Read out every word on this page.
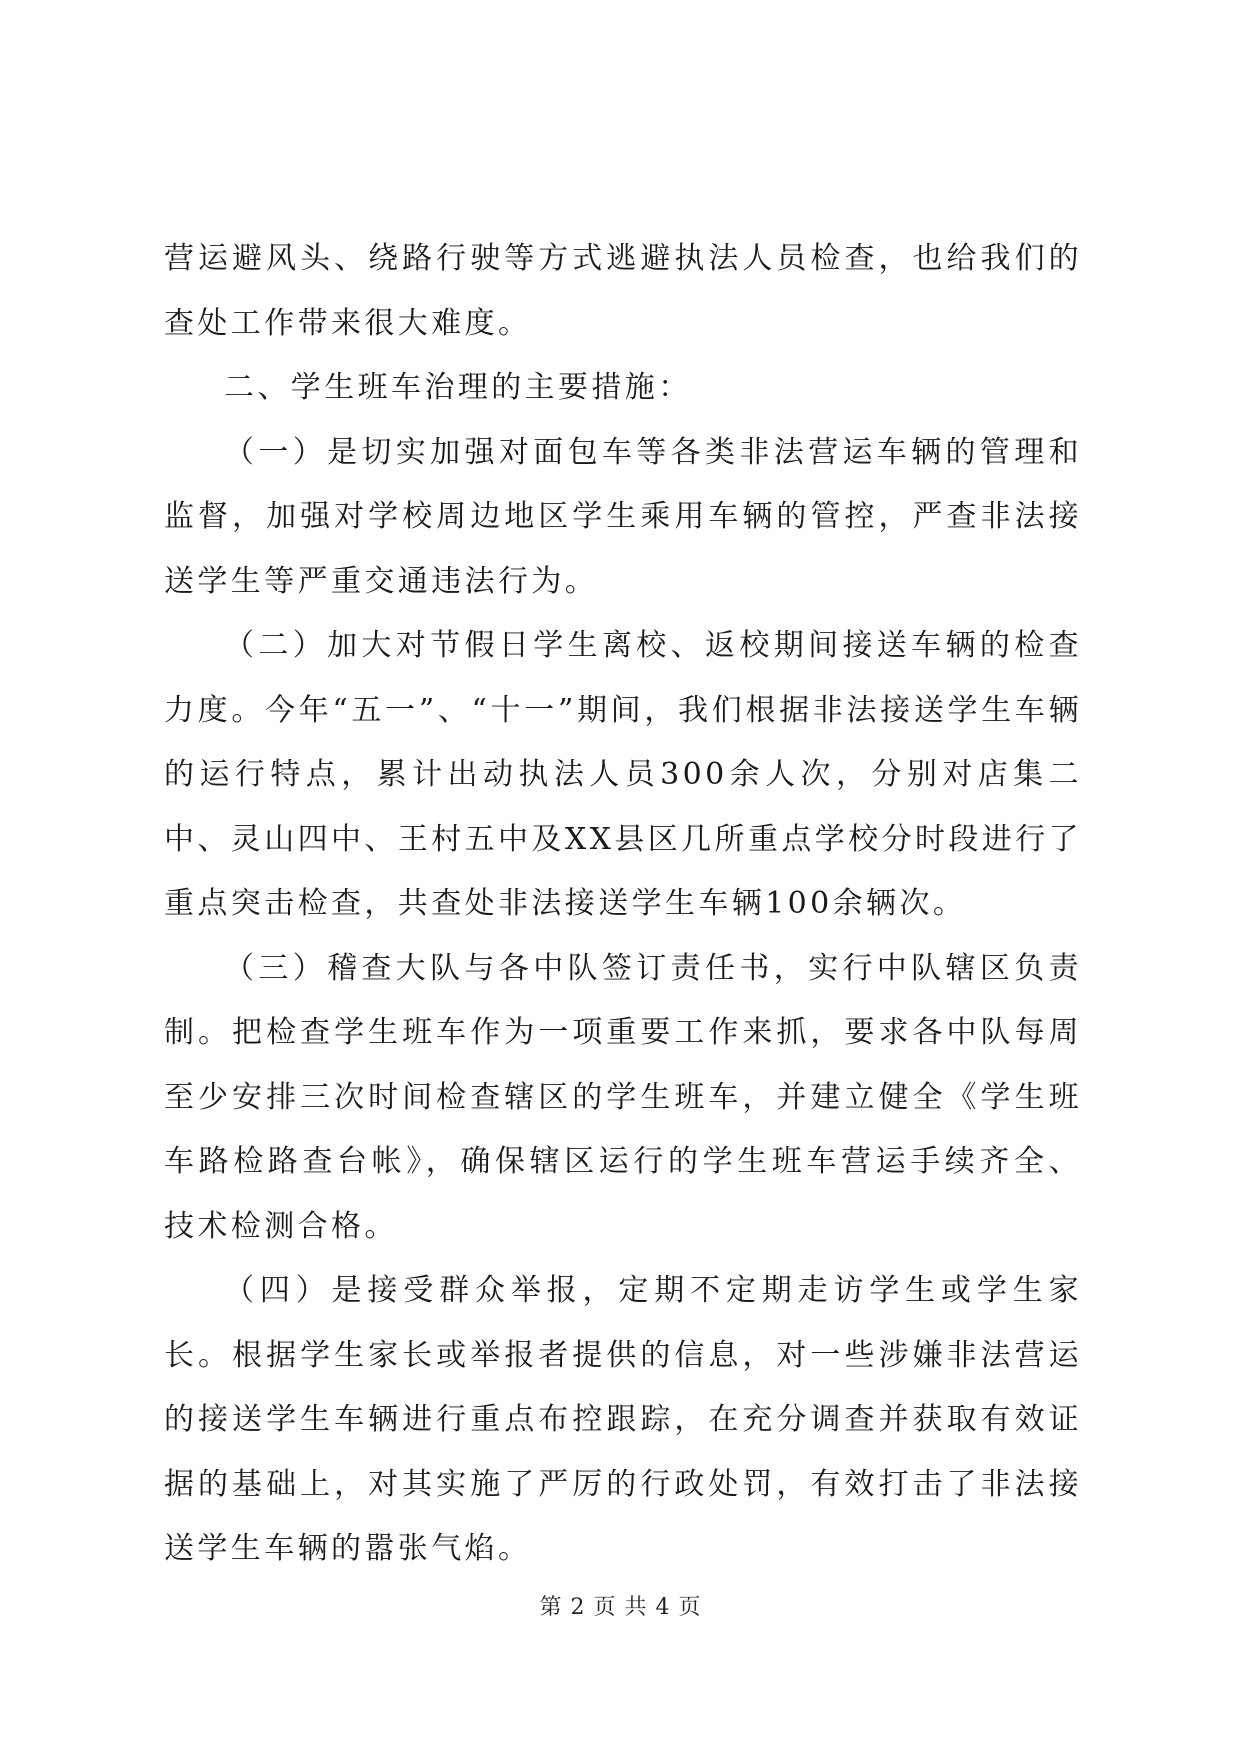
营运避风头、绕路行驶等方式逃避执法人员检查，也给我们的查处工作带来很大难度。

二、学生班车治理的主要措施：

（一）是切实加强对面包车等各类非法营运车辆的管理和监督，加强对学校周边地区学生乘用车辆的管控，严查非法接送学生等严重交通违法行为。

（二）加大对节假日学生离校、返校期间接送车辆的检查力度。今年“五一”、“十一”期间，我们根据非法接送学生车辆的运行特点，累计出动执法人员300余人次，分别对店集二中、灵山四中、王村五中及XX县区几所重点学校分时段进行了重点突击检查，共查处非法接送学生车辆100余辆次。

（三）稽查大队与各中队签订责任书，实行中队辖区负责制。把检查学生班车作为一项重要工作来抓，要求各中队每周至少安排三次时间检查辖区的学生班车，并建立健全《学生班车路检路查台帐》，确保辖区运行的学生班车营运手续齐全、技术检测合格。

（四）是接受群众举报，定期不定期走访学生或学生家长。根据学生家长或举报者提供的信息，对一些涉嫌非法营运的接送学生车辆进行重点布控跟踪，在充分调查并获取有效证据的基础上，对其实施了严厉的行政处罚，有效打击了非法接送学生车辆的嚣张气焰。

第 2 页 共 4 页
